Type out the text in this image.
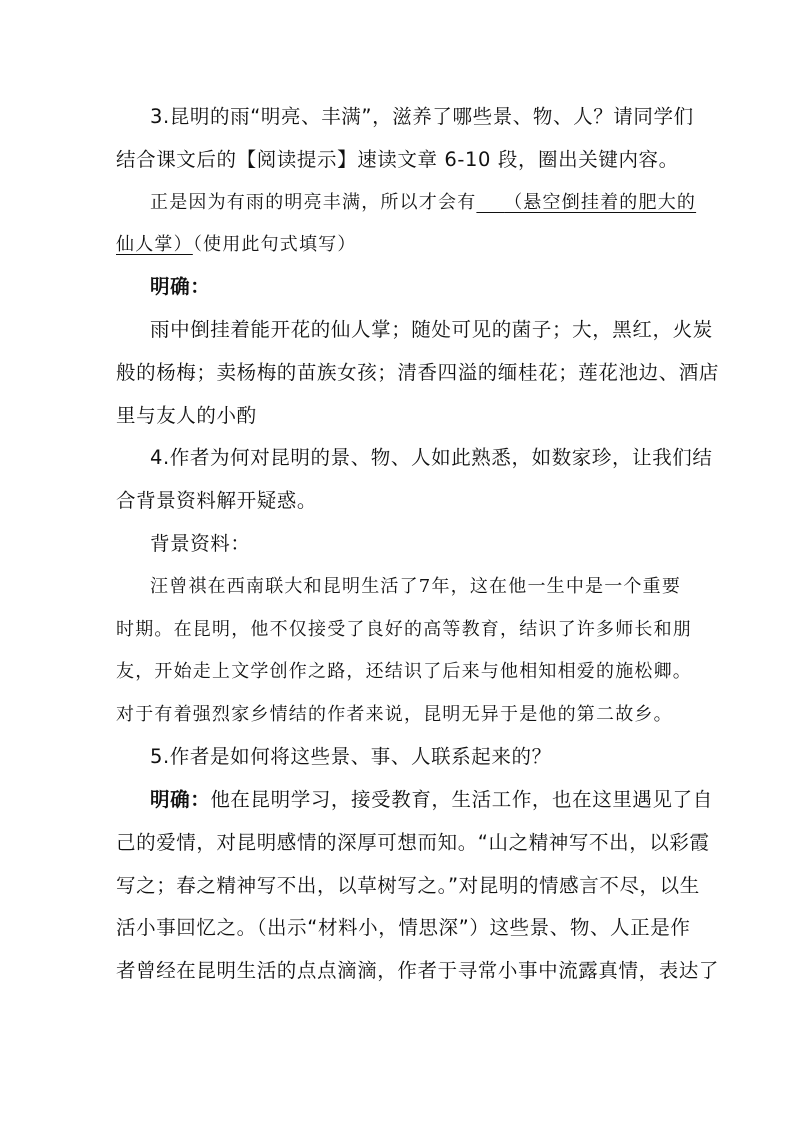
3.昆明的雨“明亮、丰满”，滋养了哪些景、物、人？请同学们
结合课文后的【阅读提示】速读文章 6-10 段，圈出关键内容。
正是因为有雨的明亮丰满，所以才会有 （悬空倒挂着的肥大的
仙人掌）（使用此句式填写）
明确：
雨中倒挂着能开花的仙人掌；随处可见的菌子；大，黑红，火炭
般的杨梅；卖杨梅的苗族女孩；清香四溢的缅桂花；莲花池边、酒店
里与友人的小酌
4.作者为何对昆明的景、物、人如此熟悉，如数家珍，让我们结
合背景资料解开疑惑。
背景资料：
汪曾祺在西南联大和昆明生活了7年，这在他一生中是一个重要
时期。在昆明，他不仅接受了良好的高等教育，结识了许多师长和朋
友，开始走上文学创作之路，还结识了后来与他相知相爱的施松卿。
对于有着强烈家乡情结的作者来说，昆明无异于是他的第二故乡。
5.作者是如何将这些景、事、人联系起来的？
明确：他在昆明学习，接受教育，生活工作，也在这里遇见了自
己的爱情，对昆明感情的深厚可想而知。“山之精神写不出，以彩霞
写之；春之精神写不出，以草树写之。”对昆明的情感言不尽，以生
活小事回忆之。（出示“材料小，情思深”）这些景、物、人正是作
者曾经在昆明生活的点点滴滴，作者于寻常小事中流露真情，表达了
